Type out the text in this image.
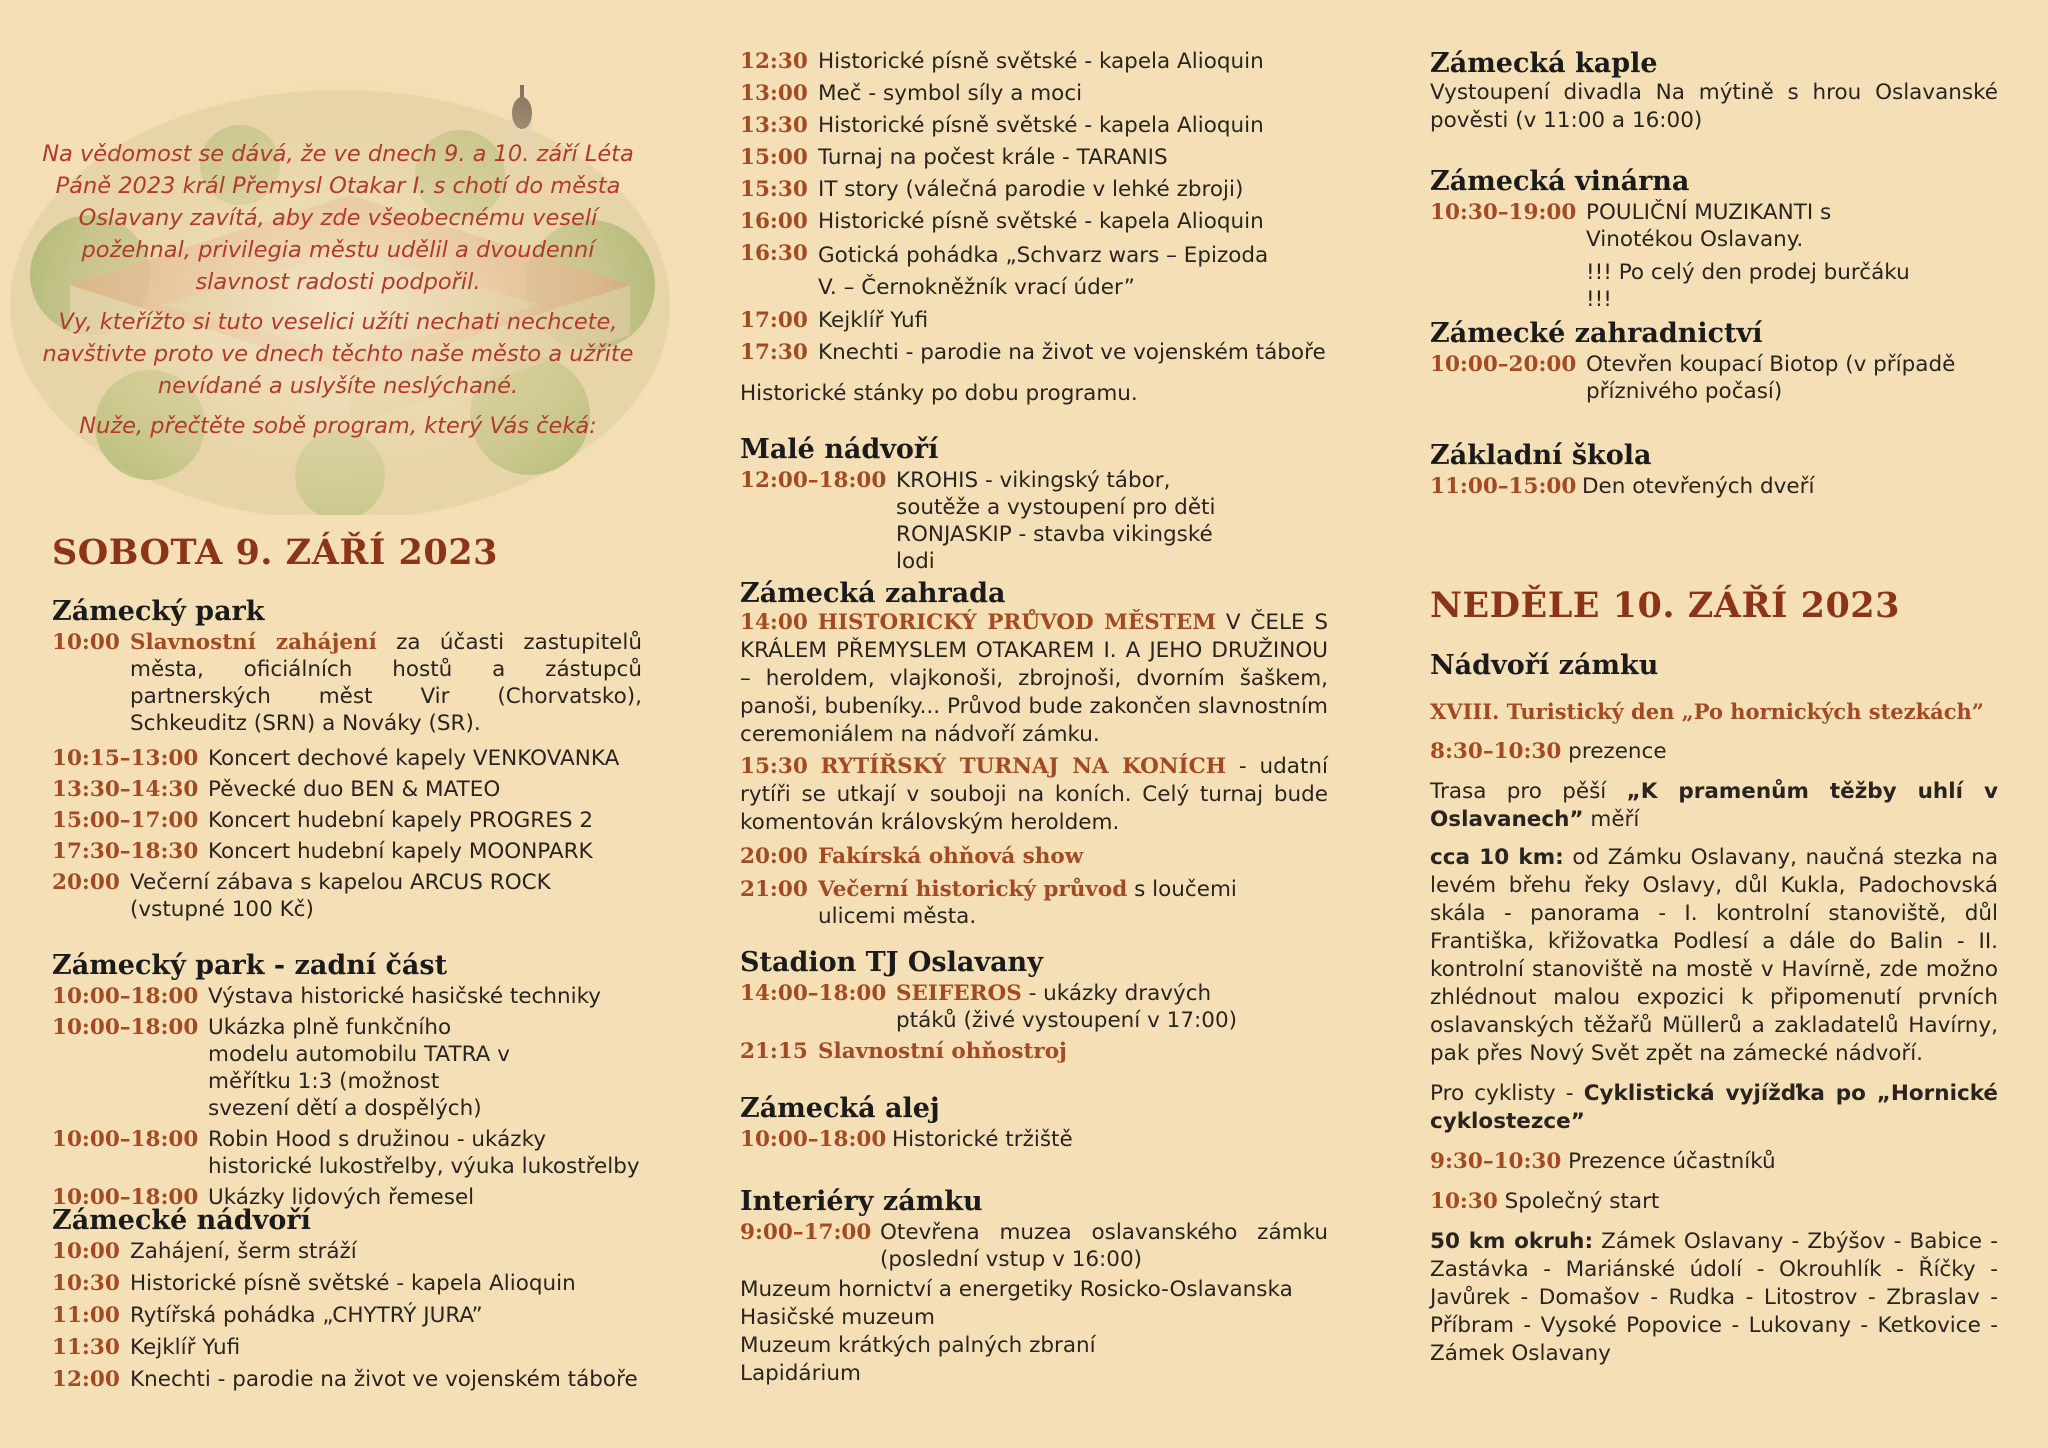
Na vědomost se dává, že ve dnech 9. a 10. září Léta Páně 2023 král Přemysl Otakar I. s chotí do města Oslavany zavítá, aby zde všeobecnému veselí požehnal, privilegia městu udělil a dvoudenní slavnost radosti podpořil.

Vy, kteřížto si tuto veselici užíti nechati nechcete, navštivte proto ve dnech těchto naše město a užřite nevídané a uslyšíte neslýchané.

Nuže, přečtěte sobě program, který Vás čeká:

SOBOTA 9. ZÁŘÍ 2023
Zámecký park
10:00 Slavnostní zahájení za účasti zastupitelů města, oficiálních hostů a zástupců partnerských měst Vir (Chorvatsko), Schkeuditz (SRN) a Nováky (SR).
10:15–13:00 Koncert dechové kapely VENKOVANKA
13:30–14:30 Pěvecké duo BEN & MATEO
15:00–17:00 Koncert hudební kapely PROGRES 2
17:30–18:30 Koncert hudební kapely MOONPARK
20:00 Večerní zábava s kapelou ARCUS ROCK
(vstupné 100 Kč)
Zámecký park - zadní část
10:00–18:00 Výstava historické hasičské techniky
10:00–18:00 Ukázka plně funkčního modelu automobilu TATRA v měřítku 1:3 (možnost svezení dětí a dospělých)
10:00–18:00 Robin Hood s družinou - ukázky historické lukostřelby, výuka lukostřelby
10:00–18:00 Ukázky lidových řemesel
Zámecké nádvoří
10:00 Zahájení, šerm stráží
10:30 Historické písně světské - kapela Alioquin
11:00 Rytířská pohádka „CHYTRÝ JURA”
11:30 Kejklíř Yufi
12:00 Knechti - parodie na život ve vojenském táboře
12:30 Historické písně světské - kapela Alioquin
13:00 Meč - symbol síly a moci
13:30 Historické písně světské - kapela Alioquin
15:00 Turnaj na počest krále - TARANIS
15:30 IT story (válečná parodie v lehké zbroji)
16:00 Historické písně světské - kapela Alioquin
16:30 Gotická pohádka „Schvarz wars – Epizoda V. – Černokněžník vrací úder”
17:00 Kejklíř Yufi
17:30 Knechti - parodie na život ve vojenském táboře
Historické stánky po dobu programu.
Malé nádvoří
12:00–18:00 KROHIS - vikingský tábor, soutěže a vystoupení pro děti
RONJASKIP - stavba vikingské lodi
Zámecká zahrada
14:00 HISTORICKÝ PRŮVOD MĚSTEM V ČELE S KRÁLEM PŘEMYSLEM OTAKAREM I. A JEHO DRUŽINOU – heroldem, vlajkonoši, zbrojnoši, dvorním šaškem, panoši, bubeníky... Průvod bude zakončen slavnostním ceremoniálem na nádvoří zámku.
15:30 RYTÍŘSKÝ TURNAJ NA KONÍCH - udatní rytíři se utkají v souboji na koních. Celý turnaj bude komentován královským heroldem.
20:00 Fakírská ohňová show
21:00 Večerní historický průvod s loučemi ulicemi města.
Stadion TJ Oslavany
14:00–18:00 SEIFEROS - ukázky dravých ptáků (živé vystoupení v 17:00)
21:15 Slavnostní ohňostroj
Zámecká alej
10:00–18:00 Historické tržiště
Interiéry zámku
9:00–17:00 Otevřena muzea oslavanského zámku (poslední vstup v 16:00)
Muzeum hornictví a energetiky Rosicko-Oslavanska
Hasičské muzeum
Muzeum krátkých palných zbraní
Lapidárium
Zámecká kaple
Vystoupení divadla Na mýtině s hrou Oslavanské pověsti (v 11:00 a 16:00)
Zámecká vinárna
10:30–19:00 POULIČNÍ MUZIKANTI s Vinotékou Oslavany.
!!! Po celý den prodej burčáku !!!
Zámecké zahradnictví
10:00–20:00 Otevřen koupací Biotop (v případě příznivého počasí)
Základní škola
11:00–15:00 Den otevřených dveří
NEDĚLE 10. ZÁŘÍ 2023
Nádvoří zámku
XVIII. Turistický den „Po hornických stezkách”
8:30–10:30 prezence
Trasa pro pěší „K pramenům těžby uhlí v Oslavanech” měří
cca 10 km: od Zámku Oslavany, naučná stezka na levém břehu řeky Oslavy, důl Kukla, Padochovská skála - panorama - I. kontrolní stanoviště, důl Františka, křižovatka Podlesí a dále do Balin - II. kontrolní stanoviště na mostě v Havírně, zde možno zhlédnout malou expozici k připomenutí prvních oslavanských těžařů Müllerů a zakladatelů Havírny, pak přes Nový Svět zpět na zámecké nádvoří.
Pro cyklisty - Cyklistická vyjížďka po „Hornické cyklostezce”
9:30–10:30 Prezence účastníků
10:30 Společný start
50 km okruh: Zámek Oslavany - Zbýšov - Babice - Zastávka - Mariánské údolí - Okrouhlík - Říčky - Javůrek - Domašov - Rudka - Litostrov - Zbraslav - Příbram - Vysoké Popovice - Lukovany - Ketkovice - Zámek Oslavany
